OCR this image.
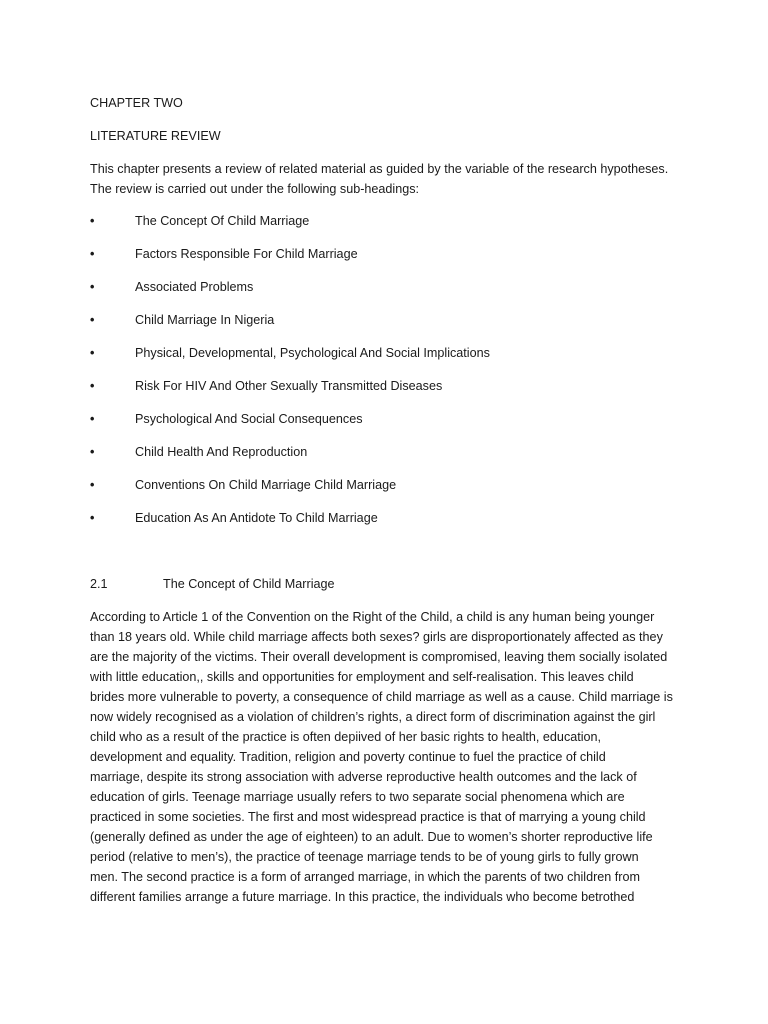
CHAPTER TWO

LITERATURE REVIEW

This chapter presents a review of related material as guided by the variable of the research hypotheses.
The review is carried out under the following sub-headings:
•	The Concept Of Child Marriage
•	Factors Responsible For Child Marriage
•	Associated Problems
•	Child Marriage In Nigeria
•	Physical, Developmental, Psychological And Social Implications
•	Risk For HIV And Other Sexually Transmitted Diseases
•	Psychological And Social Consequences
•	Child Health And Reproduction
•	Conventions On Child Marriage Child Marriage
•	Education As An Antidote To Child Marriage
2.1	The Concept of Child Marriage
According to Article 1 of the Convention on the Right of the Child, a child is any human being younger
than 18 years old. While child marriage affects both sexes? girls are disproportionately affected as they
are the majority of the victims. Their overall development is compromised, leaving them socially isolated
with little education,, skills and opportunities for employment and self-realisation. This leaves child
brides more vulnerable to poverty, a consequence of child marriage as well as a cause. Child marriage is
now widely recognised as a violation of children’s rights, a direct form of discrimination against the girl
child who as a result of the practice is often depiived of her basic rights to health, education,
development and equality. Tradition, religion and poverty continue to fuel the practice of child
marriage, despite its strong association with adverse reproductive health outcomes and the lack of
education of girls. Teenage marriage usually refers to two separate social phenomena which are
practiced in some societies. The first and most widespread practice is that of marrying a young child
(generally defined as under the age of eighteen) to an adult. Due to women’s shorter reproductive life
period (relative to men’s), the practice of teenage marriage tends to be of young girls to fully grown
men. The second practice is a form of arranged marriage, in which the parents of two children from
different families arrange a future marriage. In this practice, the individuals who become betrothed
